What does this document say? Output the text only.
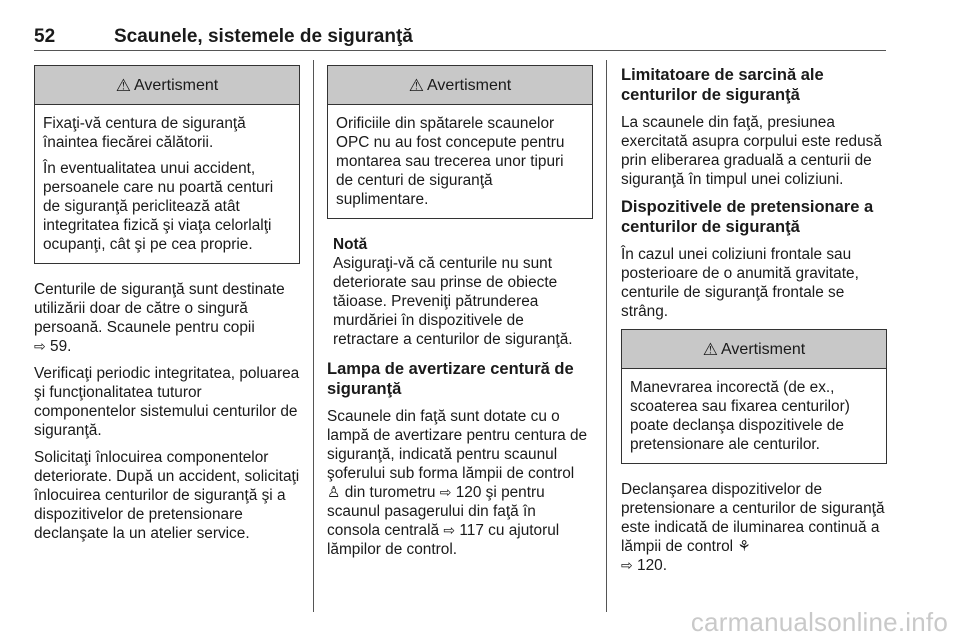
52	Scaunele, sistemele de siguranţă
⚠ Avertisment

Fixaţi-vă centura de siguranţă înaintea fiecărei călătorii.

În eventualitatea unui accident, persoanele care nu poartă centuri de siguranţă periclitează atât integritatea fizică şi viaţa celorlalţi ocupanţi, cât şi pe cea proprie.

Centurile de siguranţă sunt destinate utilizării doar de către o singură persoană. Scaunele pentru copii
⇨ 59.

Verificaţi periodic integritatea, poluarea şi funcţionalitatea tuturor componentelor sistemului centurilor de siguranţă.

Solicitaţi înlocuirea componentelor deteriorate. După un accident, solicitaţi înlocuirea centurilor de siguranţă şi a dispozitivelor de pretensionare declanşate la un atelier service.

⚠ Avertisment

Orificiile din spătarele scaunelor OPC nu au fost concepute pentru montarea sau trecerea unor tipuri de centuri de siguranţă suplimentare.

Notă
Asiguraţi-vă că centurile nu sunt deteriorate sau prinse de obiecte tăioase. Preveniţi pătrunderea murdăriei în dispozitivele de retractare a centurilor de siguranţă.
Lampa de avertizare centură de siguranţă

Scaunele din faţă sunt dotate cu o lampă de avertizare pentru centura de siguranţă, indicată pentru scaunul şoferului sub forma lămpii de control
♙ din turometru ⇨ 120 şi pentru scaunul pasagerului din faţă în consola centrală ⇨ 117 cu ajutorul lămpilor de control.

Limitatoare de sarcină ale centurilor de siguranţă

La scaunele din faţă, presiunea exercitată asupra corpului este redusă prin eliberarea graduală a centurii de siguranţă în timpul unei coliziuni.

Dispozitivele de pretensionare a centurilor de siguranţă

În cazul unei coliziuni frontale sau posterioare de o anumită gravitate, centurile de siguranţă frontale se strâng.

⚠ Avertisment

Manevrarea incorectă (de ex., scoaterea sau fixarea centurilor) poate declanşa dispozitivele de pretensionare ale centurilor.

Declanşarea dispozitivelor de pretensionare a centurilor de siguranţă este indicată de iluminarea continuă a lămpii de control ⚘
⇨ 120.

carmanualsonline.info
